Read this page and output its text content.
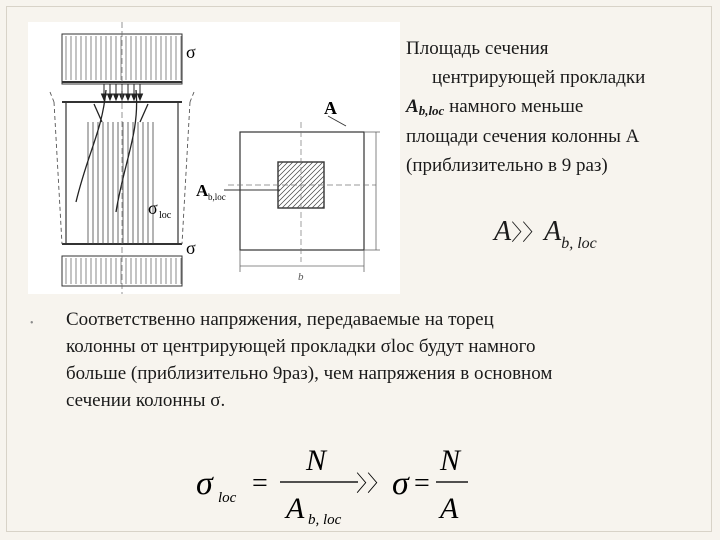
σ
σ
σ loc
A
A b,loc
b
Площадь сечения
центрирующей прокладки
Ab,loc намного меньше
площади сечения колонны A
(приблизительно в 9 раз)
A〉〉$A_{b, loc}$
• Соответственно напряжения, передаваемые на торец
колонны от центрирующей прокладки σloc будут намного
больше (приблизительно 9раз), чем напряжения в основном
сечении колонны σ.
σ loc =
N
A b, loc
〉〉 σ =
N
A
